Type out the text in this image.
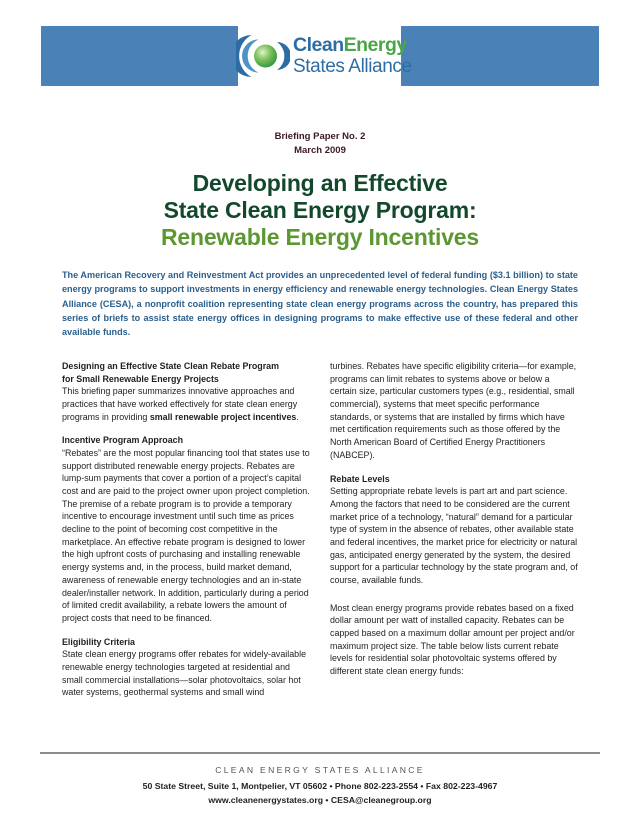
CleanEnergy
States Alliance
Briefing Paper No. 2
March 2009
Developing an Effective
State Clean Energy Program:
Renewable Energy Incentives
The American Recovery and Reinvestment Act provides an unprecedented level of federal funding ($3.1 billion) to state energy programs to support investments in energy efficiency and renewable energy technologies. Clean Energy States Alliance (CESA), a nonprofit coalition representing state clean energy programs across the country, has prepared this series of briefs to assist state energy offices in designing programs to make effective use of these federal and other available funds.
Designing an Effective State Clean Rebate Program
for Small Renewable Energy Projects

This briefing paper summarizes innovative approaches and practices that have worked effectively for state clean energy programs in providing small renewable project incentives.

Incentive Program Approach

“Rebates” are the most popular financing tool that states use to support distributed renewable energy projects. Rebates are lump-sum payments that cover a portion of a project’s capital cost and are paid to the project owner upon project completion. The premise of a rebate program is to provide a temporary incentive to encourage investment until such time as prices decline to the point of becoming cost competitive in the marketplace. An effective rebate program is designed to lower the high upfront costs of purchasing and installing renewable energy systems and, in the process, build market demand, awareness of renewable energy technologies and an in-state dealer/installer network. In addition, particularly during a period of limited credit availability, a rebate lowers the amount of project costs that need to be financed.

Eligibility Criteria

State clean energy programs offer rebates for widely-available renewable energy technologies targeted at residential and small commercial installations—solar photovoltaics, solar hot water systems, geothermal systems and small wind

turbines. Rebates have specific eligibility criteria—for example, programs can limit rebates to systems above or below a certain size, particular customers types (e.g., residential, small commercial), systems that meet specific performance standards, or systems that are installed by firms which have met certification requirements such as those offered by the North American Board of Certified Energy Practitioners (NABCEP).

Rebate Levels

Setting appropriate rebate levels is part art and part science. Among the factors that need to be considered are the current market price of a technology, “natural” demand for a particular type of system in the absence of rebates, other available state and federal incentives, the market price for electricity or natural gas, anticipated energy generated by the system, the desired support for a particular technology by the state program and, of course, available funds.

Most clean energy programs provide rebates based on a fixed dollar amount per watt of installed capacity. Rebates can be capped based on a maximum dollar amount per project and/or maximum project size. The table below lists current rebate levels for residential solar photovoltaic systems offered by different state clean energy funds:

CLEAN ENERGY STATES ALLIANCE
50 State Street, Suite 1, Montpelier, VT 05602 • Phone 802-223-2554 • Fax 802-223-4967
www.cleanenergystates.org • CESA@cleanegroup.org
